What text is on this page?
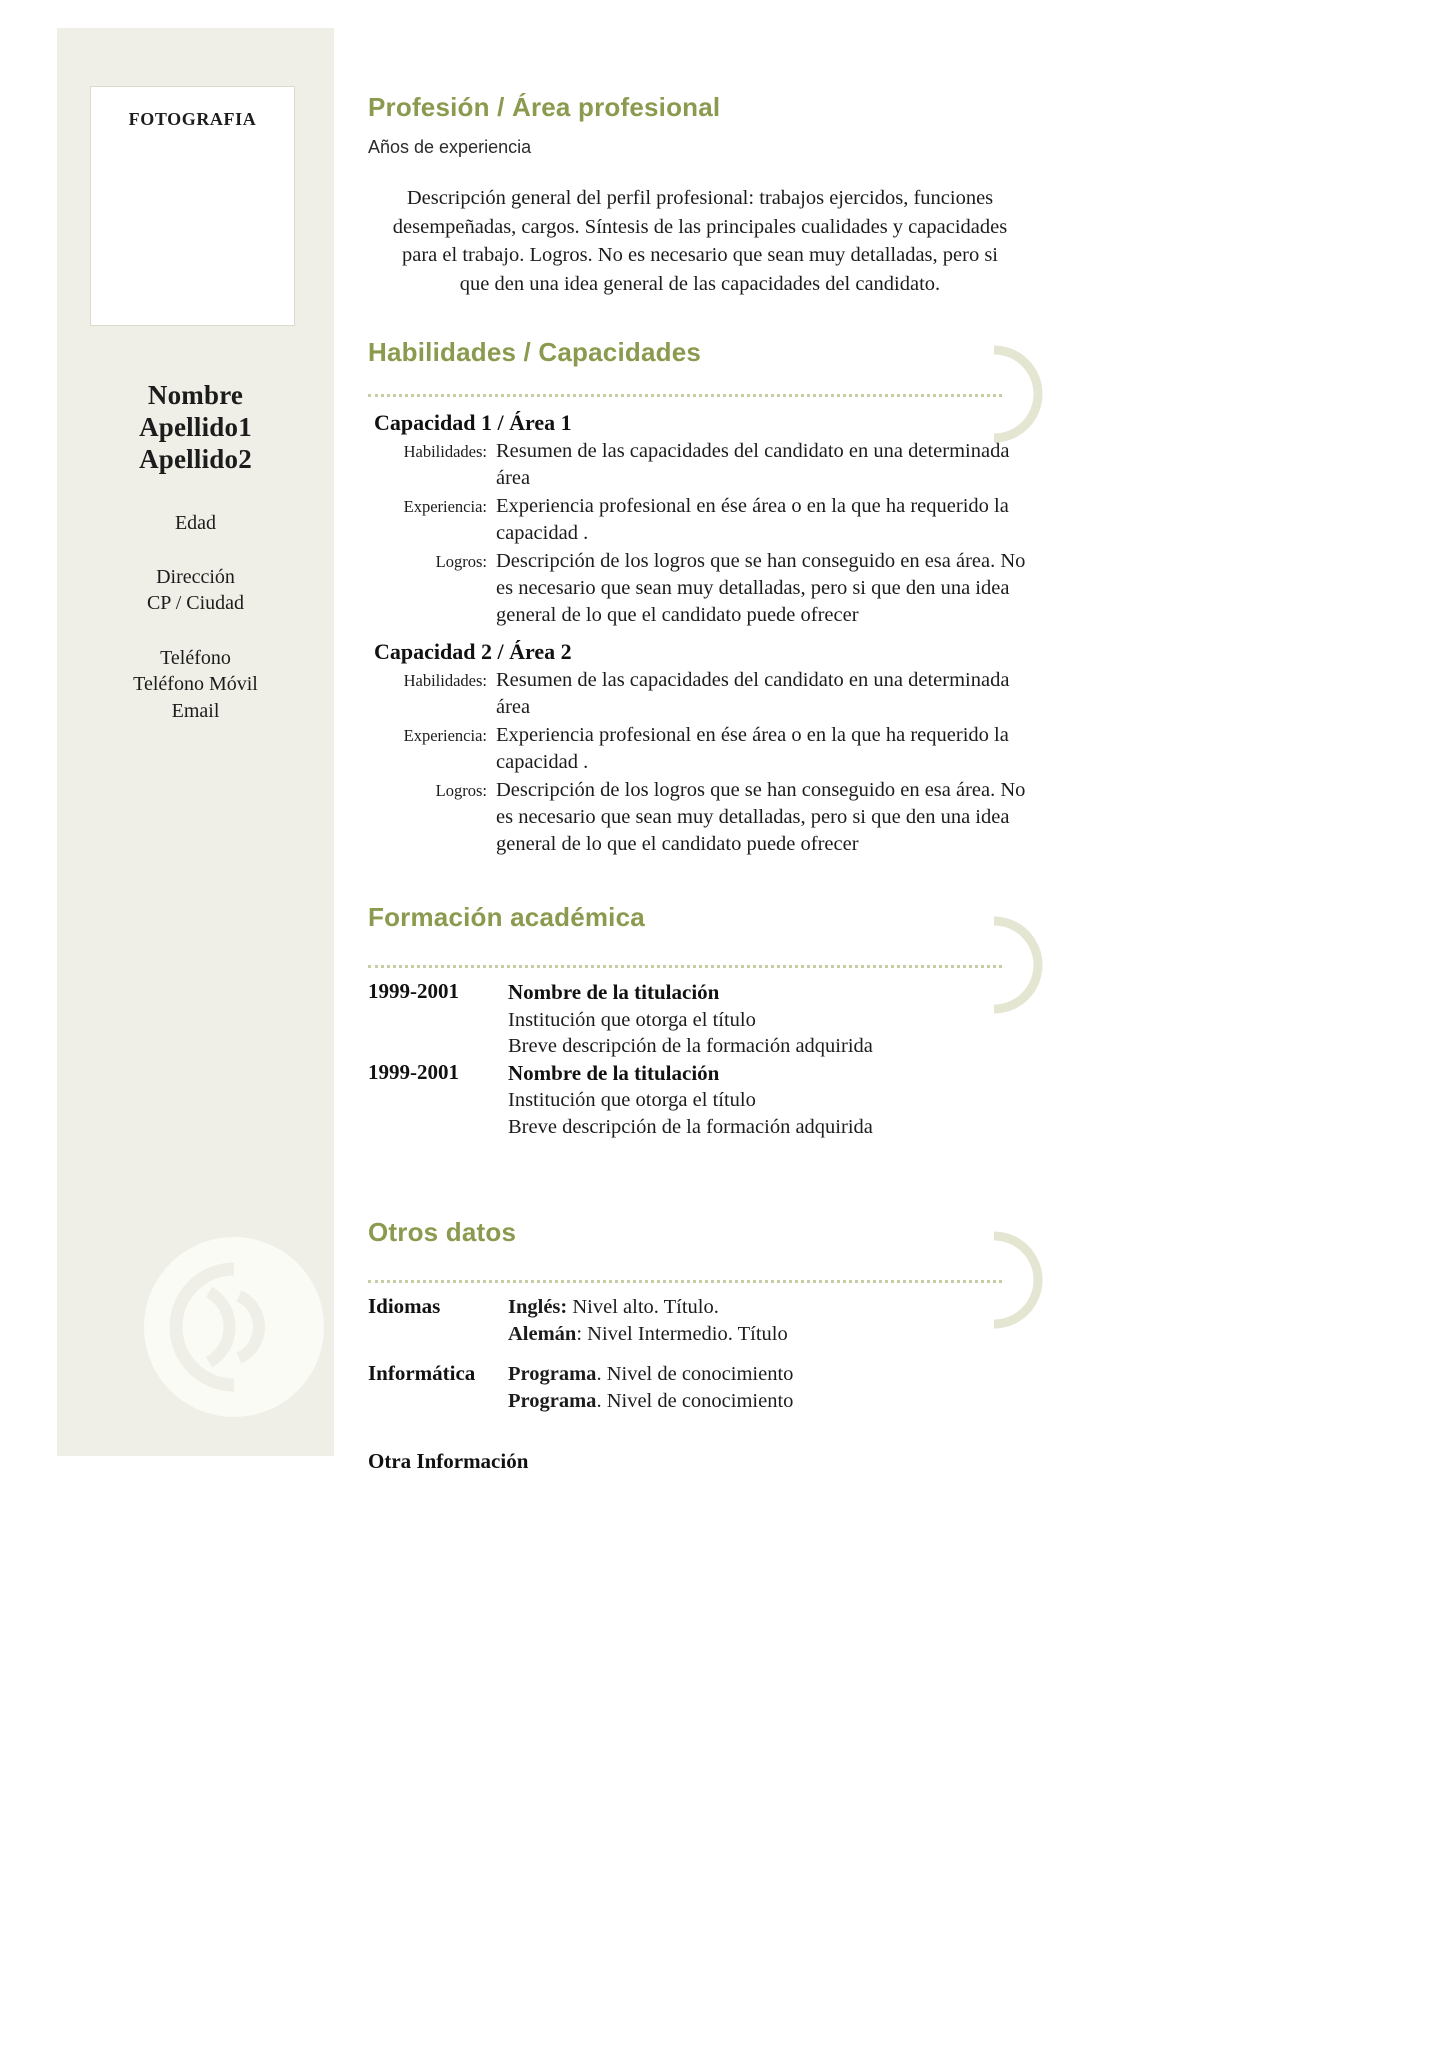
FOTOGRAFIA
Nombre
Apellido1
Apellido2
Edad
Dirección
CP / Ciudad
Teléfono
Teléfono Móvil
Email
Profesión / Área profesional

Años de experiencia

Descripción general del perfil profesional: trabajos ejercidos, funciones desempeñadas, cargos. Síntesis de las principales cualidades y capacidades para el trabajo. Logros. No es necesario que sean muy detalladas, pero si que den una idea general de las capacidades del candidato.

Habilidades / Capacidades
Capacidad 1 / Área 1
Habilidades: Resumen de las capacidades del candidato en una determinada área
Experiencia: Experiencia profesional en ése área o en la que ha requerido la capacidad .
Logros: Descripción de los logros que se han conseguido en esa área. No es necesario que sean muy detalladas, pero si que den una idea general de lo que el candidato puede ofrecer
Capacidad 2 / Área 2
Habilidades: Resumen de las capacidades del candidato en una determinada área
Experiencia: Experiencia profesional en ése área o en la que ha requerido la capacidad .
Logros: Descripción de los logros que se han conseguido en esa área. No es necesario que sean muy detalladas, pero si que den una idea general de lo que el candidato puede ofrecer
Formación académica
1999-2001	Nombre de la titulación
Institución que otorga el título
Breve descripción de la formación adquirida
1999-2001	Nombre de la titulación
Institución que otorga el título
Breve descripción de la formación adquirida
Otros datos
Idiomas	Inglés: Nivel alto. Título.
Alemán: Nivel Intermedio. Título
Informática	Programa. Nivel de conocimiento
Programa. Nivel de conocimiento
Otra Información
